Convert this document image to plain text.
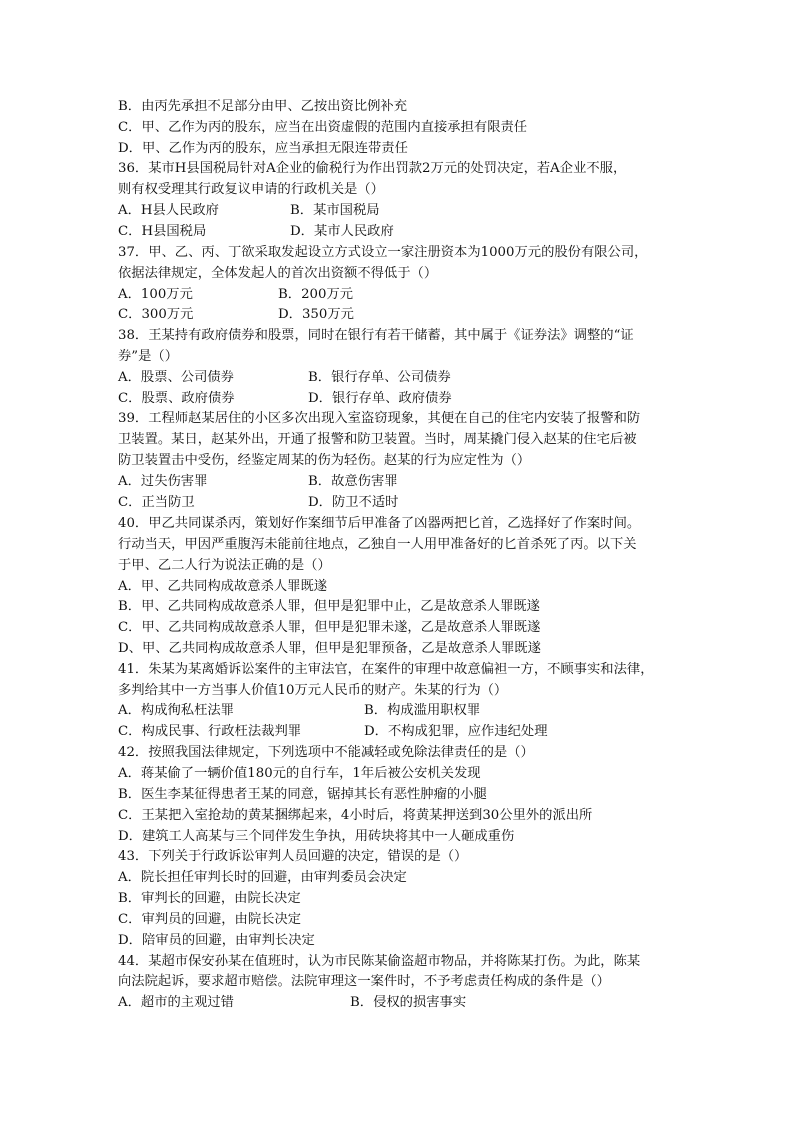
B．由丙先承担不足部分由甲、乙按出资比例补充
C．甲、乙作为丙的股东，应当在出资虚假的范围内直接承担有限责任
D．甲、乙作为丙的股东，应当承担无限连带责任
36．某市H县国税局针对A企业的偷税行为作出罚款2万元的处罚决定，若A企业不服，
则有权受理其行政复议申请的行政机关是（）
A．H县人民政府	B．某市国税局
C．H县国税局	D．某市人民政府
37．甲、乙、丙、丁欲采取发起设立方式设立一家注册资本为1000万元的股份有限公司，
依据法律规定，全体发起人的首次出资额不得低于（）
A．100万元	B．200万元
C．300万元	D．350万元
38．王某持有政府债券和股票，同时在银行有若干储蓄，其中属于《证券法》调整的“证
券”是（）
A．股票、公司债券	B．银行存单、公司债券
C．股票、政府债券	D．银行存单、政府债券
39．工程师赵某居住的小区多次出现入室盗窃现象，其便在自己的住宅内安装了报警和防
卫装置。某日，赵某外出，开通了报警和防卫装置。当时，周某撬门侵入赵某的住宅后被
防卫装置击中受伤，经鉴定周某的伤为轻伤。赵某的行为应定性为（）
A．过失伤害罪	B．故意伤害罪
C．正当防卫	D．防卫不适时
40．甲乙共同谋杀丙，策划好作案细节后甲准备了凶器两把匕首，乙选择好了作案时间。
行动当天，甲因严重腹泻未能前往地点，乙独自一人用甲准备好的匕首杀死了丙。以下关
于甲、乙二人行为说法正确的是（）
A．甲、乙共同构成故意杀人罪既遂
B．甲、乙共同构成故意杀人罪，但甲是犯罪中止，乙是故意杀人罪既遂
C．甲、乙共同构成故意杀人罪，但甲是犯罪未遂，乙是故意杀人罪既遂
D、甲、乙共同构成故意杀人罪，但甲是犯罪预备，乙是故意杀人罪既遂
41．朱某为某离婚诉讼案件的主审法官，在案件的审理中故意偏袒一方，不顾事实和法律，
多判给其中一方当事人价值10万元人民币的财产。朱某的行为（）
A．构成徇私枉法罪	B．构成滥用职权罪
C．构成民事、行政枉法裁判罪	D．不构成犯罪，应作违纪处理
42．按照我国法律规定，下列选项中不能减轻或免除法律责任的是（）
A．蒋某偷了一辆价值180元的自行车，1年后被公安机关发现
B．医生李某征得患者王某的同意，锯掉其长有恶性肿瘤的小腿
C．王某把入室抢劫的黄某捆绑起来，4小时后，将黄某押送到30公里外的派出所
D．建筑工人高某与三个同伴发生争执，用砖块将其中一人砸成重伤
43．下列关于行政诉讼审判人员回避的决定，错误的是（）
A．院长担任审判长时的回避，由审判委员会决定
B．审判长的回避，由院长决定
C．审判员的回避，由院长决定
D．陪审员的回避，由审判长决定
44．某超市保安孙某在值班时，认为市民陈某偷盗超市物品，并将陈某打伤。为此，陈某
向法院起诉，要求超市赔偿。法院审理这一案件时，不予考虑责任构成的条件是（）
A．超市的主观过错	B．侵权的损害事实
